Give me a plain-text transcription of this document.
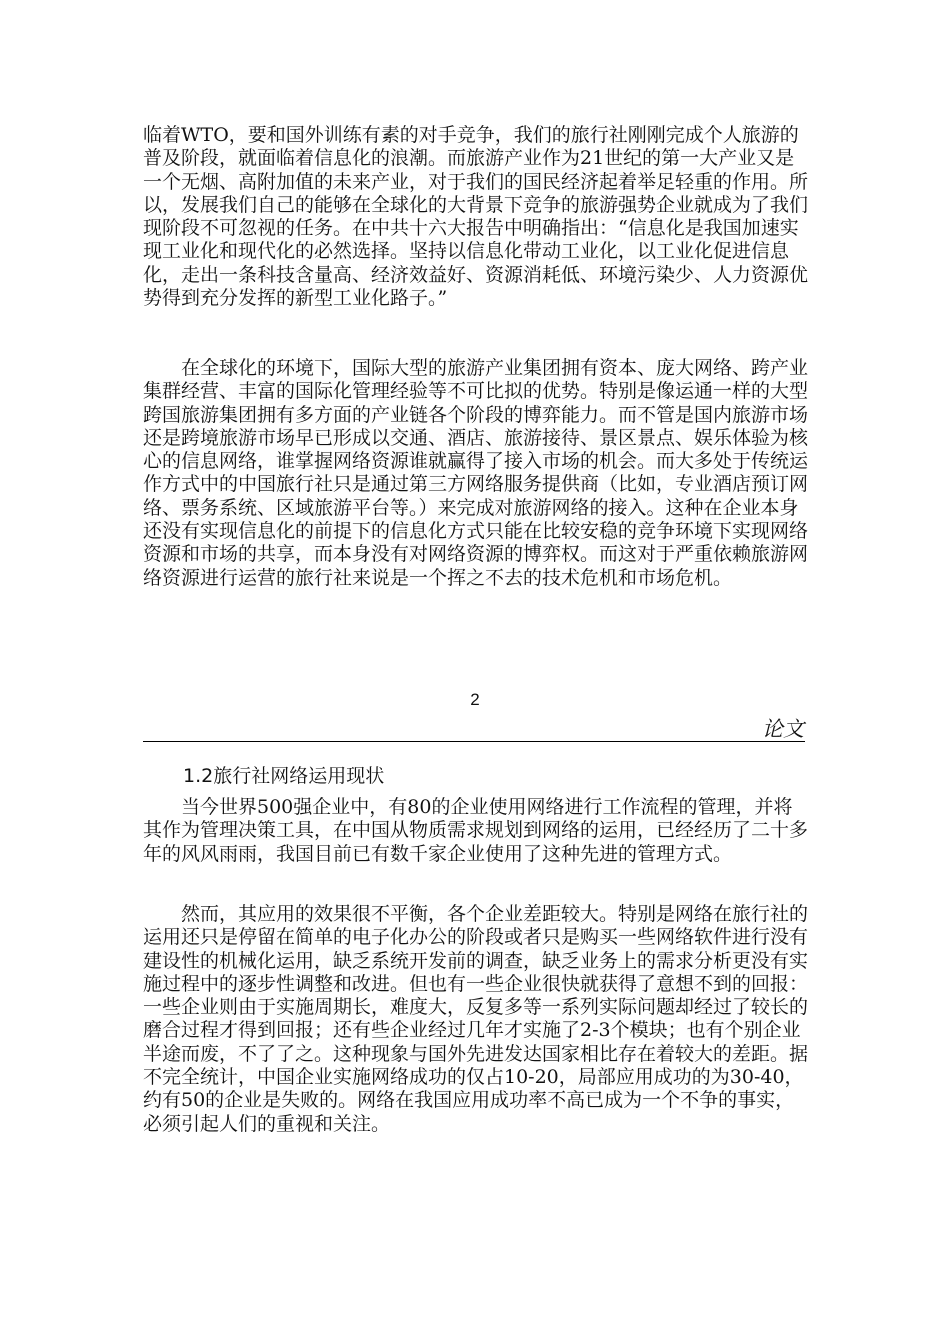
临着WTO，要和国外训练有素的对手竞争，我们的旅行社刚刚完成个人旅游的普及阶段，就面临着信息化的浪潮。而旅游产业作为21世纪的第一大产业又是一个无烟、高附加值的未来产业，对于我们的国民经济起着举足轻重的作用。所以，发展我们自己的能够在全球化的大背景下竞争的旅游强势企业就成为了我们现阶段不可忽视的任务。在中共十六大报告中明确指出：“信息化是我国加速实现工业化和现代化的必然选择。坚持以信息化带动工业化，以工业化促进信息化，走出一条科技含量高、经济效益好、资源消耗低、环境污染少、人力资源优势得到充分发挥的新型工业化路子。”

在全球化的环境下，国际大型的旅游产业集团拥有资本、庞大网络、跨产业集群经营、丰富的国际化管理经验等不可比拟的优势。特别是像运通一样的大型跨国旅游集团拥有多方面的产业链各个阶段的博弈能力。而不管是国内旅游市场还是跨境旅游市场早已形成以交通、酒店、旅游接待、景区景点、娱乐体验为核心的信息网络，谁掌握网络资源谁就赢得了接入市场的机会。而大多处于传统运作方式中的中国旅行社只是通过第三方网络服务提供商（比如，专业酒店预订网络、票务系统、区域旅游平台等。）来完成对旅游网络的接入。这种在企业本身还没有实现信息化的前提下的信息化方式只能在比较安稳的竞争环境下实现网络资源和市场的共享，而本身没有对网络资源的博弈权。而这对于严重依赖旅游网络资源进行运营的旅行社来说是一个挥之不去的技术危机和市场危机。

2
论文
1.2旅行社网络运用现状

当今世界500强企业中，有80的企业使用网络进行工作流程的管理，并将其作为管理决策工具，在中国从物质需求规划到网络的运用，已经经历了二十多年的风风雨雨，我国目前已有数千家企业使用了这种先进的管理方式。

然而，其应用的效果很不平衡，各个企业差距较大。特别是网络在旅行社的运用还只是停留在简单的电子化办公的阶段或者只是购买一些网络软件进行没有建设性的机械化运用，缺乏系统开发前的调查，缺乏业务上的需求分析更没有实施过程中的逐步性调整和改进。但也有一些企业很快就获得了意想不到的回报：一些企业则由于实施周期长，难度大，反复多等一系列实际问题却经过了较长的磨合过程才得到回报；还有些企业经过几年才实施了2-3个模块；也有个别企业半途而废，不了了之。这种现象与国外先进发达国家相比存在着较大的差距。据不完全统计，中国企业实施网络成功的仅占10-20，局部应用成功的为30-40，约有50的企业是失败的。网络在我国应用成功率不高已成为一个不争的事实，必须引起人们的重视和关注。
